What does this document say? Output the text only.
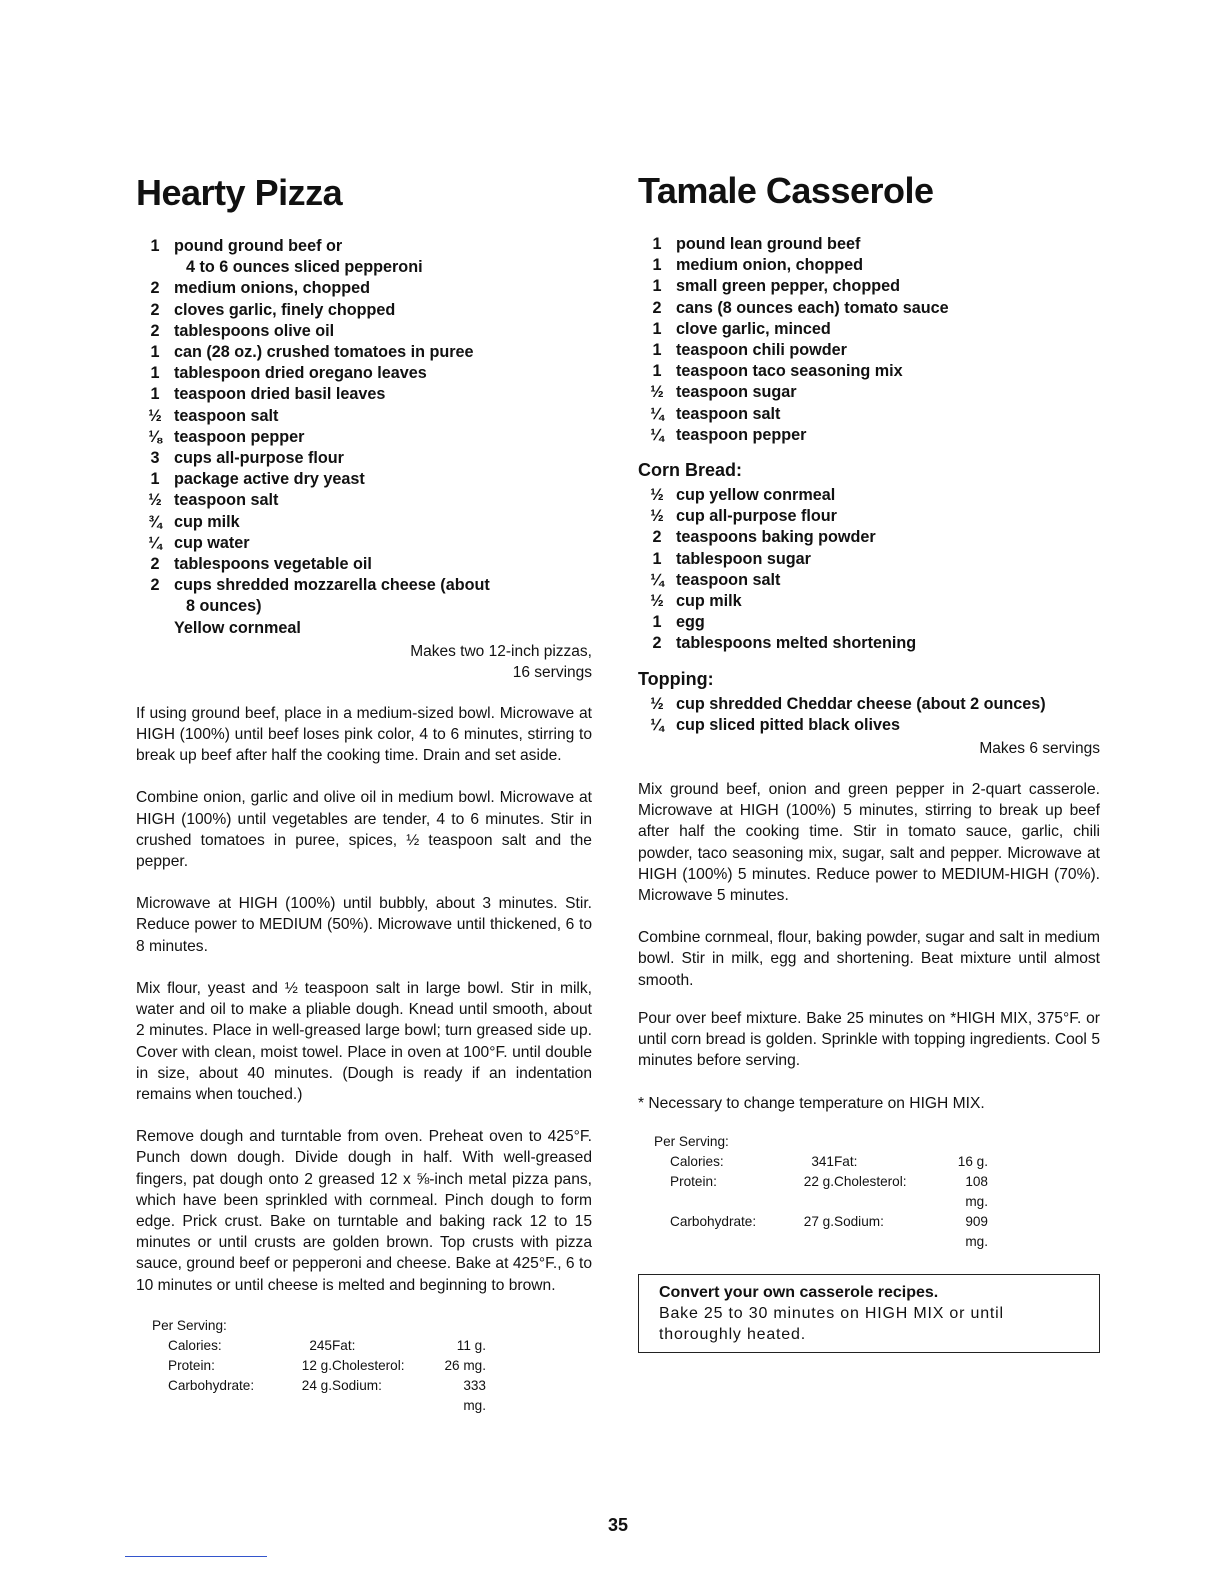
Hearty Pizza
1 pound ground beef or
4 to 6 ounces sliced pepperoni
2 medium onions, chopped
2 cloves garlic, finely chopped
2 tablespoons olive oil
1 can (28 oz.) crushed tomatoes in puree
1 tablespoon dried oregano leaves
1 teaspoon dried basil leaves
½ teaspoon salt
⅛ teaspoon pepper
3 cups all-purpose flour
1 package active dry yeast
½ teaspoon salt
¾ cup milk
¼ cup water
2 tablespoons vegetable oil
2 cups shredded mozzarella cheese (about
8 ounces)
Yellow cornmeal
Makes two 12-inch pizzas,
16 servings

If using ground beef, place in a medium-sized bowl. Microwave at HIGH (100%) until beef loses pink color, 4 to 6 minutes, stirring to break up beef after half the cooking time. Drain and set aside.

Combine onion, garlic and olive oil in medium bowl. Microwave at HIGH (100%) until vegetables are tender, 4 to 6 minutes. Stir in crushed tomatoes in puree, spices, ½ teaspoon salt and the pepper.

Microwave at HIGH (100%) until bubbly, about 3 minutes. Stir. Reduce power to MEDIUM (50%). Microwave until thickened, 6 to 8 minutes.

Mix flour, yeast and ½ teaspoon salt in large bowl. Stir in milk, water and oil to make a pliable dough. Knead until smooth, about 2 minutes. Place in well-greased large bowl; turn greased side up. Cover with clean, moist towel. Place in oven at 100°F. until double in size, about 40 minutes. (Dough is ready if an indentation remains when touched.)

Remove dough and turntable from oven. Preheat oven to 425°F. Punch down dough. Divide dough in half. With well-greased fingers, pat dough onto 2 greased 12 x ⅝-inch metal pizza pans, which have been sprinkled with cornmeal. Pinch dough to form edge. Prick crust. Bake on turntable and baking rack 12 to 15 minutes or until crusts are golden brown. Top crusts with pizza sauce, ground beef or pepperoni and cheese. Bake at 425°F., 6 to 10 minutes or until cheese is melted and beginning to brown.

Per Serving:
Calories:	245 Fat:	11 g.
Protein:	12 g. Cholesterol:	26 mg.
Carbohydrate:	24 g. Sodium:	333 mg.
Tamale Casserole
1 pound lean ground beef
1 medium onion, chopped
1 small green pepper, chopped
2 cans (8 ounces each) tomato sauce
1 clove garlic, minced
1 teaspoon chili powder
1 teaspoon taco seasoning mix
½ teaspoon sugar
¼ teaspoon salt
¼ teaspoon pepper
Corn Bread:
½ cup yellow conrmeal
½ cup all-purpose flour
2 teaspoons baking powder
1 tablespoon sugar
¼ teaspoon salt
½ cup milk
1 egg
2 tablespoons melted shortening
Topping:
½ cup shredded Cheddar cheese (about 2 ounces)
¼ cup sliced pitted black olives
Makes 6 servings

Mix ground beef, onion and green pepper in 2-quart casserole. Microwave at HIGH (100%) 5 minutes, stirring to break up beef after half the cooking time. Stir in tomato sauce, garlic, chili powder, taco seasoning mix, sugar, salt and pepper. Microwave at HIGH (100%) 5 minutes. Reduce power to MEDIUM-HIGH (70%). Microwave 5 minutes.

Combine cornmeal, flour, baking powder, sugar and salt in medium bowl. Stir in milk, egg and shortening. Beat mixture until almost smooth.

Pour over beef mixture. Bake 25 minutes on *HIGH MIX, 375°F. or until corn bread is golden. Sprinkle with topping ingredients. Cool 5 minutes before serving.

* Necessary to change temperature on HIGH MIX.

Per Serving:
Calories:	341 Fat:	16 g.
Protein:	22 g. Cholesterol:	108 mg.
Carbohydrate:	27 g. Sodium:	909 mg.
Convert your own casserole recipes.
Bake 25 to 30 minutes on HIGH MIX or until thoroughly heated.
35
